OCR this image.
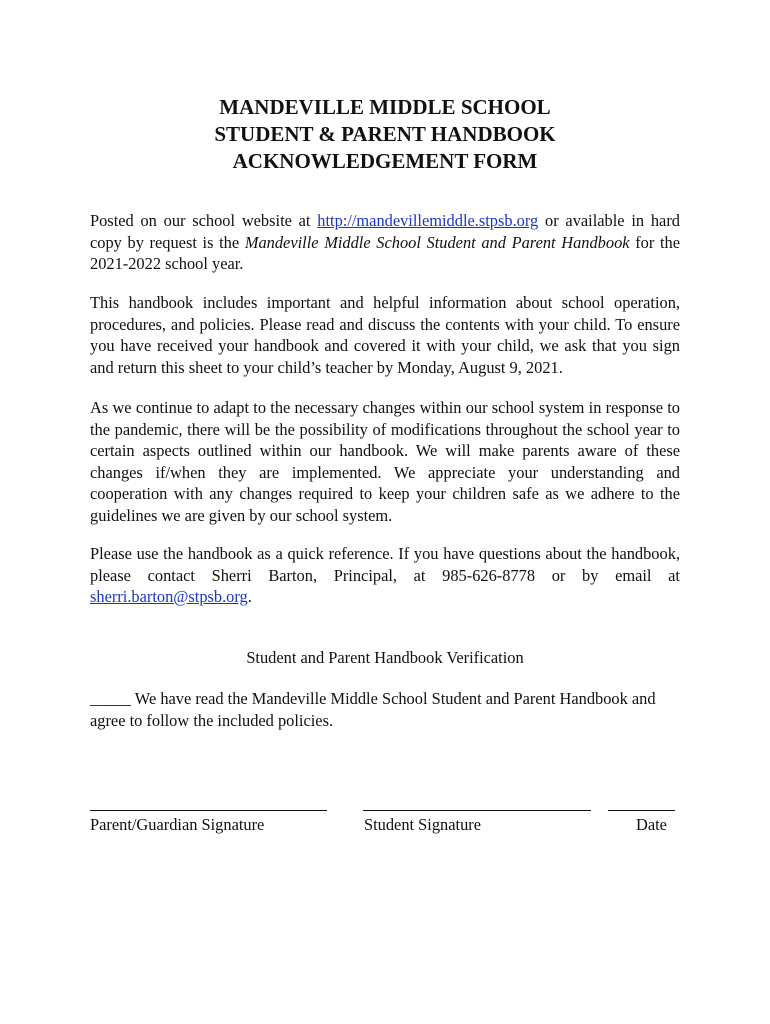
MANDEVILLE MIDDLE SCHOOL
STUDENT & PARENT HANDBOOK
ACKNOWLEDGEMENT FORM
Posted on our school website at http://mandevillemiddle.stpsb.org or available in hard copy by request is the Mandeville Middle School Student and Parent Handbook for the 2021-2022 school year.
This handbook includes important and helpful information about school operation, procedures, and policies. Please read and discuss the contents with your child. To ensure you have received your handbook and covered it with your child, we ask that you sign and return this sheet to your child’s teacher by Monday, August 9, 2021.
As we continue to adapt to the necessary changes within our school system in response to the pandemic, there will be the possibility of modifications throughout the school year to certain aspects outlined within our handbook. We will make parents aware of these changes if/when they are implemented. We appreciate your understanding and cooperation with any changes required to keep your children safe as we adhere to the guidelines we are given by our school system.
Please use the handbook as a quick reference. If you have questions about the handbook, please contact Sherri Barton, Principal, at 985-626-8778 or by email at sherri.barton@stpsb.org.
Student and Parent Handbook Verification
_____ We have read the Mandeville Middle School Student and Parent Handbook and agree to follow the included policies.
Parent/Guardian Signature	Student Signature	Date
